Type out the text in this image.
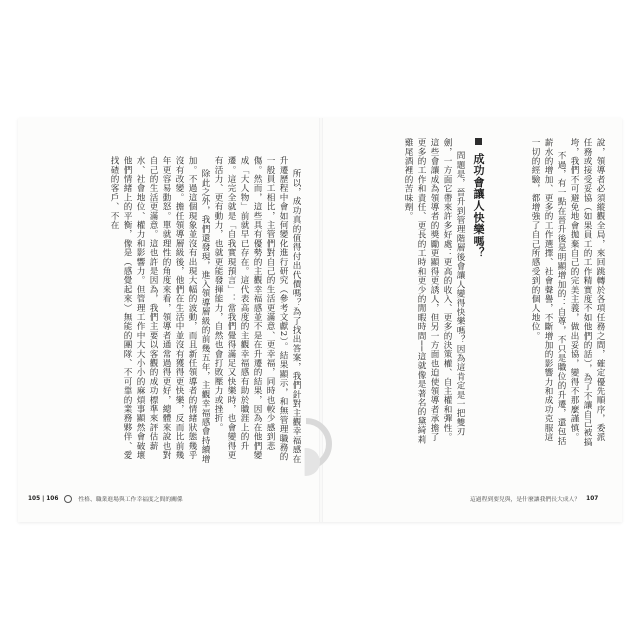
所以，成功真的值得付出代價嗎？為了找出答案，我們針對主觀幸福感在升遷歷程中會如何變化進行研究（參考文獻2）。結果顯示，和無管理職務的一般員工相比，主管們對自己的生活更滿意、更幸福，同時也較少感到悲傷。然而，這些具有優勢的主觀幸福感並不是在升遷的結果，因為在他們變成「大人物」前就早已存在。這代表高度的主觀幸福感有助於職涯上的升遷。這完全就是「自我實現預言」：當我們覺得滿足又快樂時，也會變得更有活力、更有動力，也就更能發揮能力，自然也會打敗壓力或挫折。

除此之外，我們還發現，進入領導層級的前幾五年，主觀幸福感會持續增加。不過這個現象並沒有出現大幅的波動，而且新任領導者的情緒狀態幾乎沒有改變。擔任領導層級後，他們在生活中並沒有獲得更快樂，反而比前幾年更容易動怒。單就理性的角度來看，領導者通常過得更好，總體來說也對自己的生活更滿意。這也許是因為，我們主要以客觀的成功標準來評估薪水、社會地位、權力和影響力。但管理工作中大大小小的麻煩事顯然會破壞他們情緒上的平衡，像是（感覺起來）無能的團隊、不可靠的業務夥伴、愛找碴的客戶、不在

105 | 106	性格、職業進場與工作幸福度之間的關係

說，領導者必須縱觀全局，來回跳轉於各項任務之間，確定優先順序，委派任務或接受妥協（如果員工的工作精實度不如他們的話），為了不讓自己被搞垮，我們不可避免地會拋棄自己的完美主義，做出妥協，變得不那麼謹慎。

不過，有一點在晉升後是明顯增加的：自尊，不只是職位的升遷，還包括薪水的增加、更多的工作選擇、社會聲譽，不斷增加的影響力和成功克服這一切的經驗，都增強了自己所感受到的個人地位。

成功會讓人快樂嗎？

問題是，晉升到管理階層後會讓人變得快樂嗎？因為這肯定是一把雙刃劍，一方面它帶來許多好處：更高的收入、更多的決策權、自主權和彈性。這些會讓成為領導者的獎勵更顯得更誘人，但另一方面也迫使領導者承擔了更多的工作和責任、更長的工時和更少的閒暇時間──這就像是著名的黛綺莉雞尾酒裡的苦味劑。

這過程到要兒與，是什麼讓我們長大成人？ 107
